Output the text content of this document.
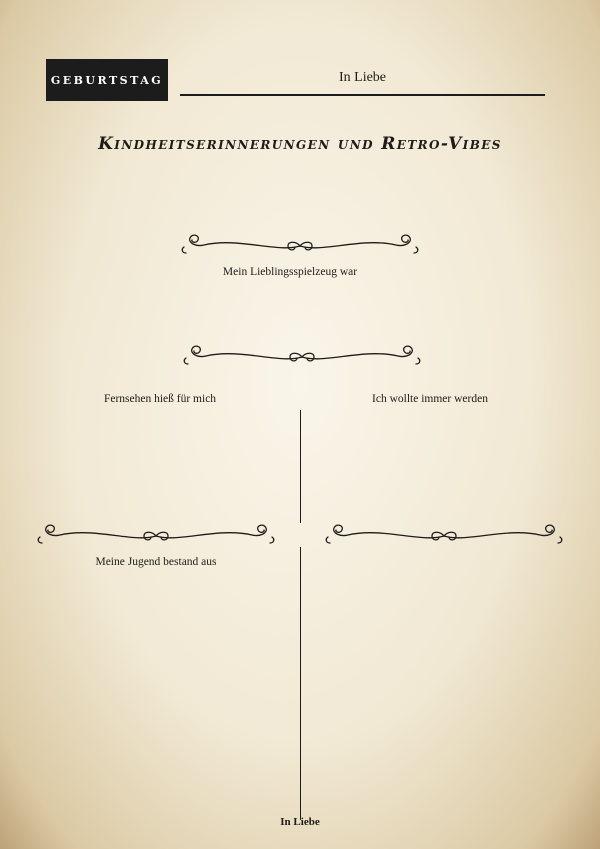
GEBURTSTAG	In Liebe
Kindheitserinnerungen und Retro-Vibes
Mein Lieblingsspielzeug war
Fernsehen hieß für mich	Ich wollte immer werden
Meine Jugend bestand aus
In Liebe
